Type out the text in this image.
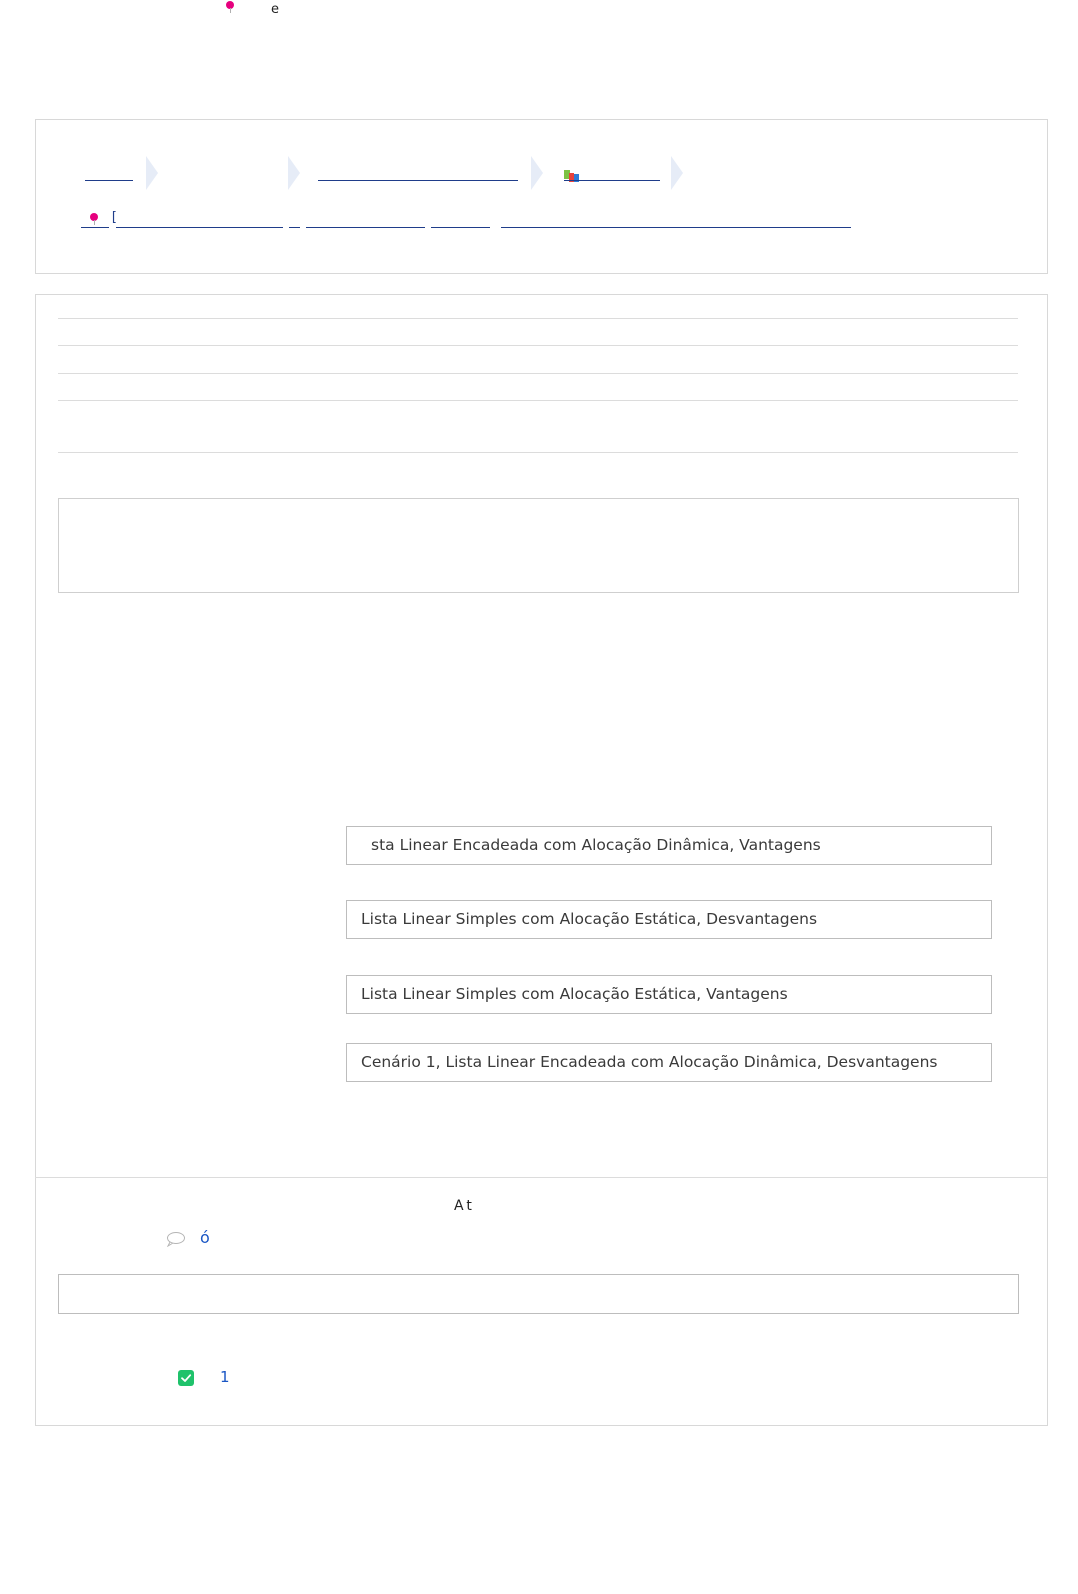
e
[
sta Linear Encadeada com Alocação Dinâmica, Vantagens
Lista Linear Simples com Alocação Estática, Desvantagens
Lista Linear Simples com Alocação Estática, Vantagens
Cenário 1, Lista Linear Encadeada com Alocação Dinâmica, Desvantagens
At
ó
1
